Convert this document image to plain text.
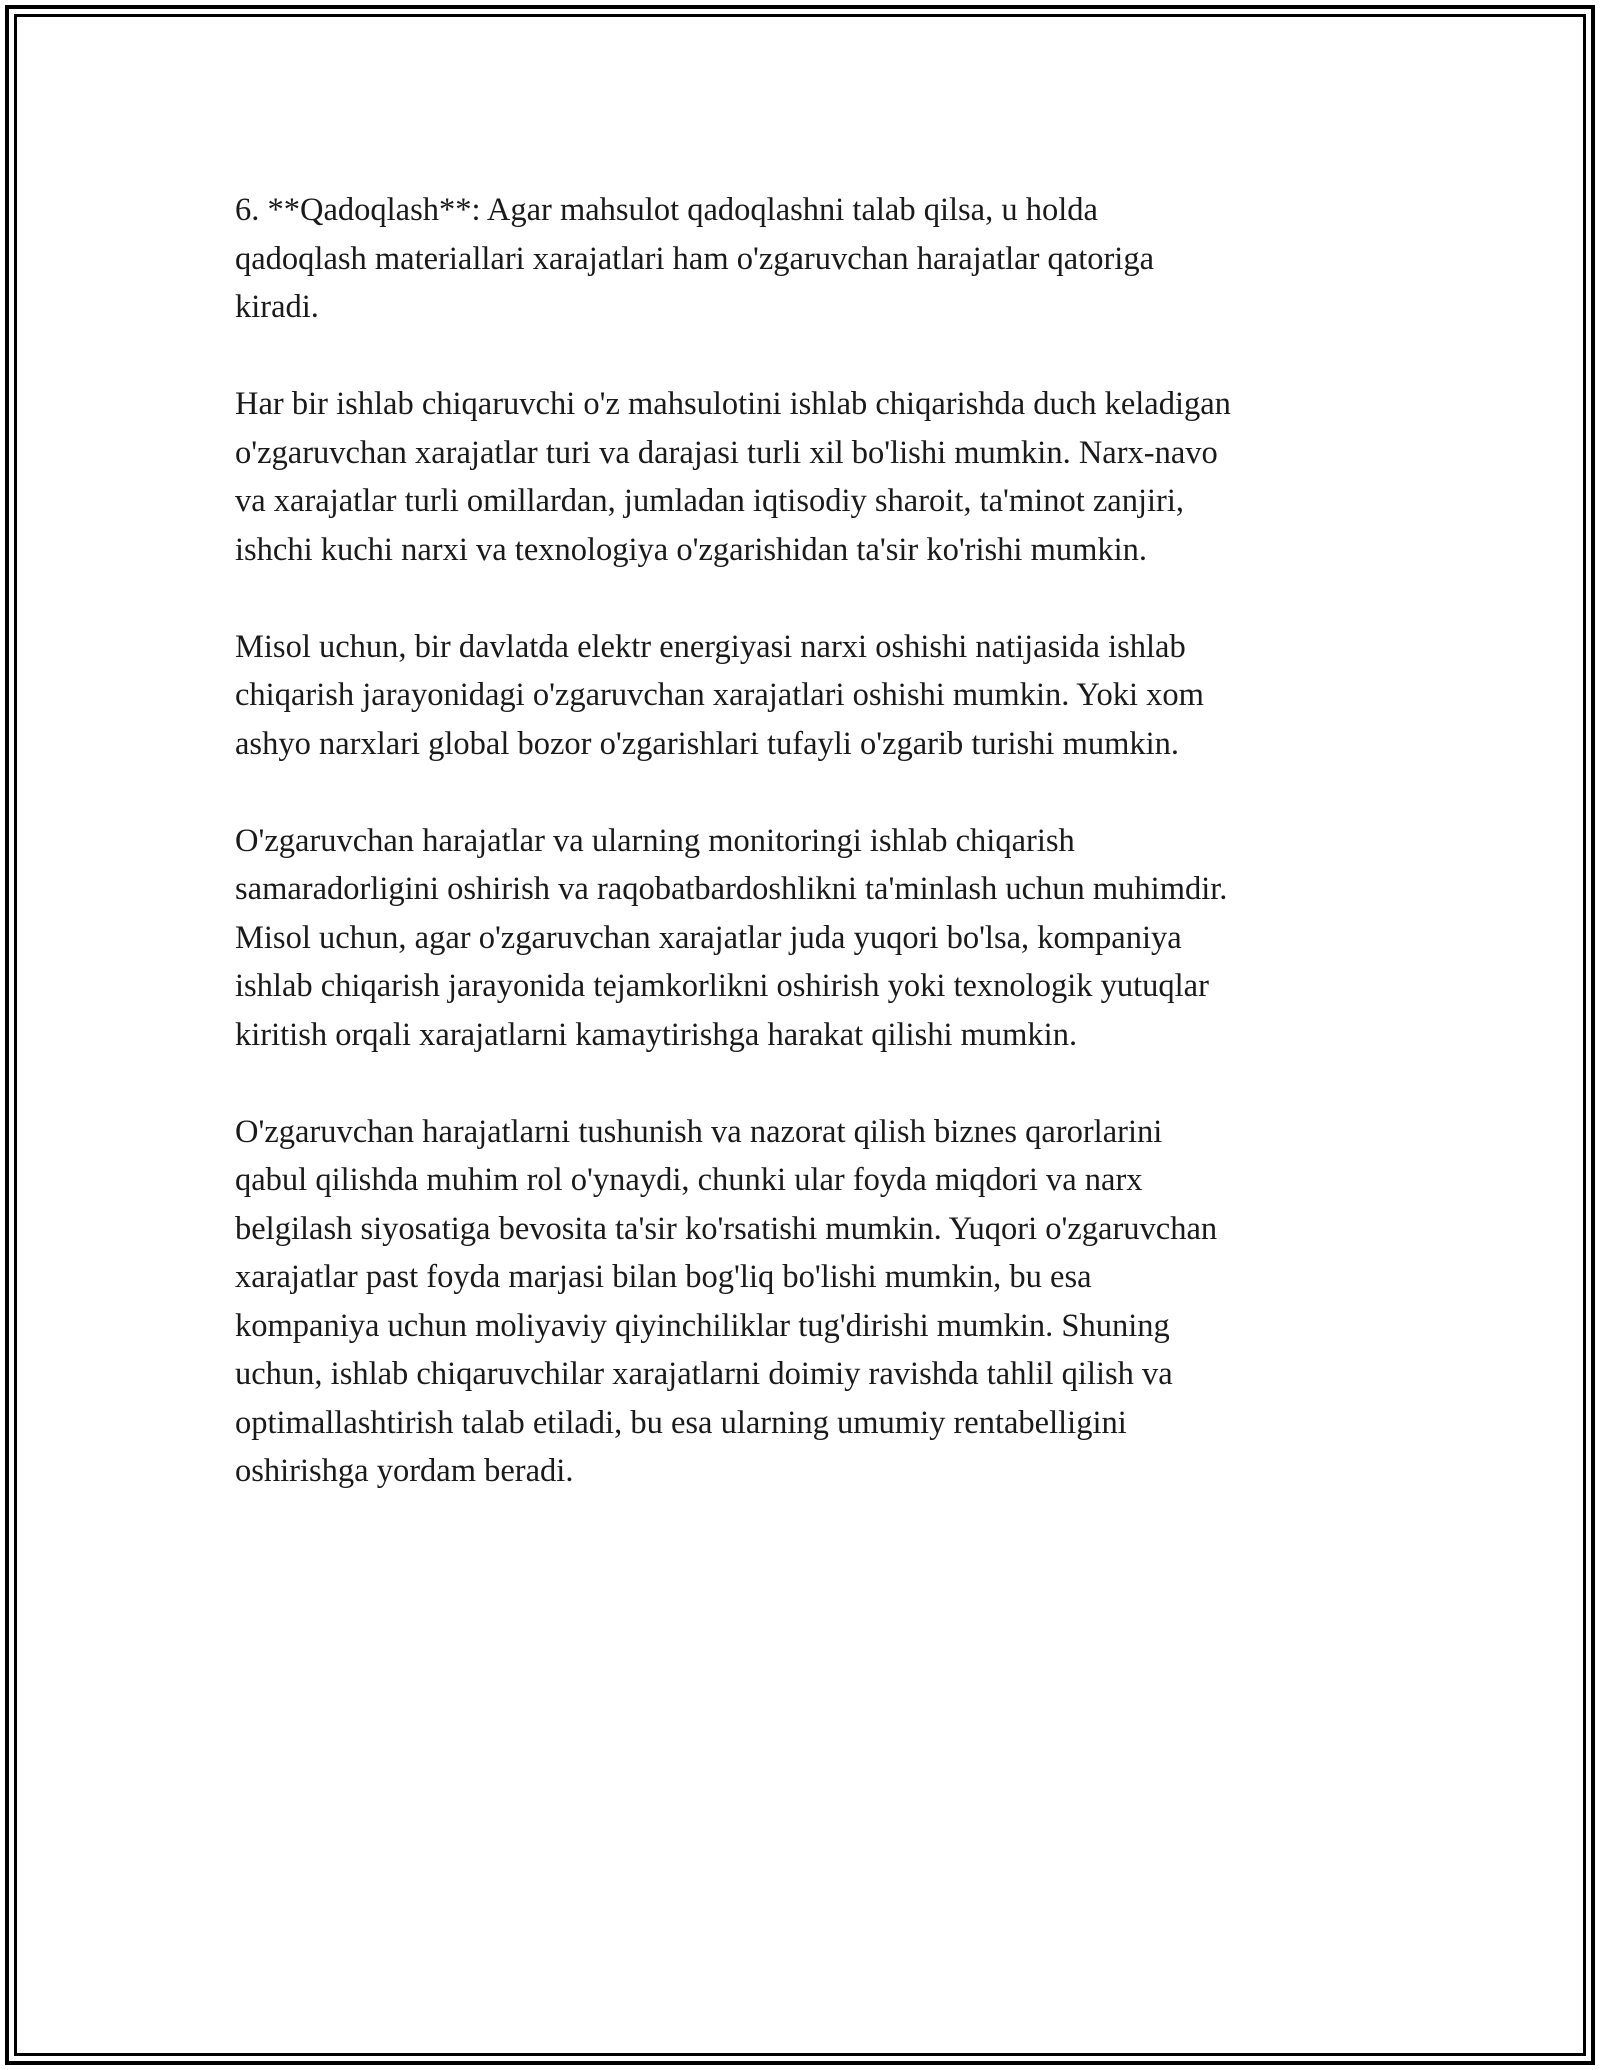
6. **Qadoqlash**: Agar mahsulot qadoqlashni talab qilsa, u holda
qadoqlash materiallari xarajatlari ham o'zgaruvchan harajatlar qatoriga
kiradi.

Har bir ishlab chiqaruvchi o'z mahsulotini ishlab chiqarishda duch keladigan
o'zgaruvchan xarajatlar turi va darajasi turli xil bo'lishi mumkin. Narx-navo
va xarajatlar turli omillardan, jumladan iqtisodiy sharoit, ta'minot zanjiri,
ishchi kuchi narxi va texnologiya o'zgarishidan ta'sir ko'rishi mumkin.

Misol uchun, bir davlatda elektr energiyasi narxi oshishi natijasida ishlab
chiqarish jarayonidagi o'zgaruvchan xarajatlari oshishi mumkin. Yoki xom
ashyo narxlari global bozor o'zgarishlari tufayli o'zgarib turishi mumkin.

O'zgaruvchan harajatlar va ularning monitoringi ishlab chiqarish
samaradorligini oshirish va raqobatbardoshlikni ta'minlash uchun muhimdir.
Misol uchun, agar o'zgaruvchan xarajatlar juda yuqori bo'lsa, kompaniya
ishlab chiqarish jarayonida tejamkorlikni oshirish yoki texnologik yutuqlar
kiritish orqali xarajatlarni kamaytirishga harakat qilishi mumkin.

O'zgaruvchan harajatlarni tushunish va nazorat qilish biznes qarorlarini
qabul qilishda muhim rol o'ynaydi, chunki ular foyda miqdori va narx
belgilash siyosatiga bevosita ta'sir ko'rsatishi mumkin. Yuqori o'zgaruvchan
xarajatlar past foyda marjasi bilan bog'liq bo'lishi mumkin, bu esa
kompaniya uchun moliyaviy qiyinchiliklar tug'dirishi mumkin. Shuning
uchun, ishlab chiqaruvchilar xarajatlarni doimiy ravishda tahlil qilish va
optimallashtirish talab etiladi, bu esa ularning umumiy rentabelligini
oshirishga yordam beradi.
